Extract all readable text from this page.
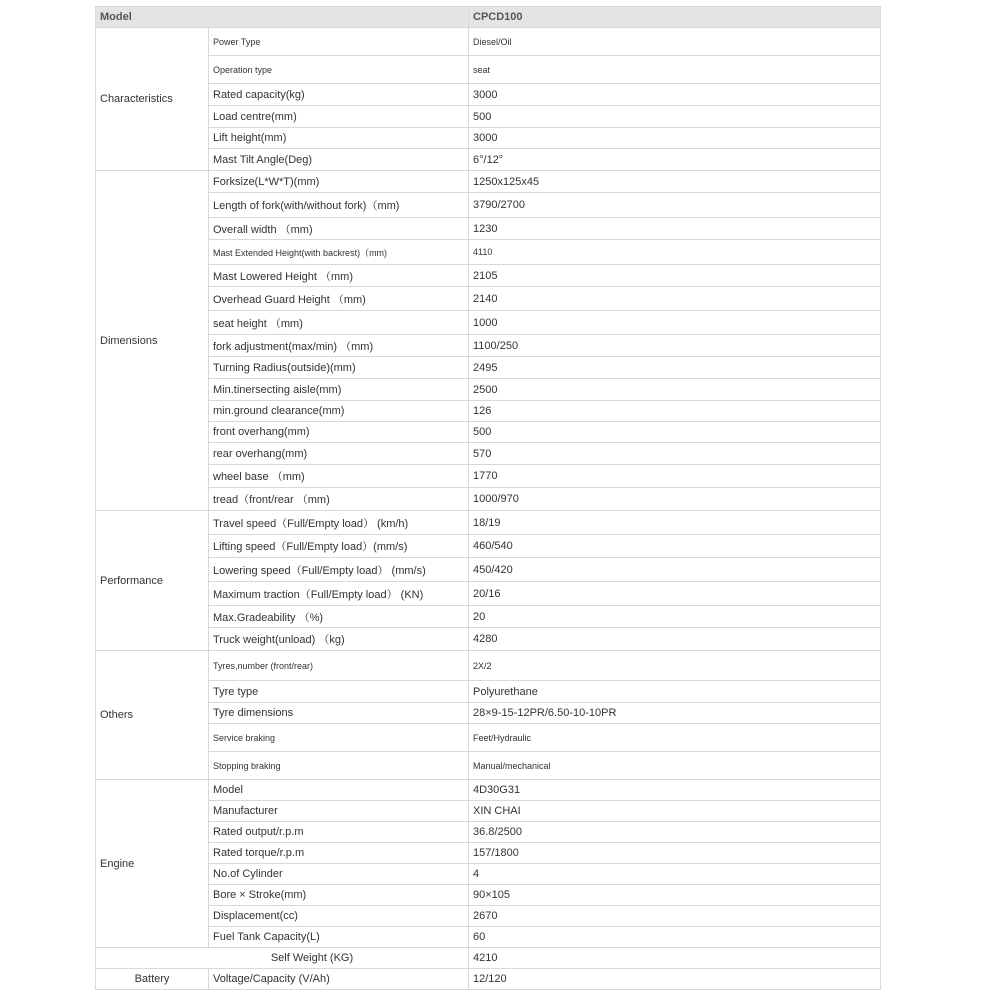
Model		CPCD100
Characteristics	Power Type	Diesel/Oil
	Operation type	seat
	Rated capacity(kg)	3000
	Load centre(mm)	500
	Lift height(mm)	3000
	Mast Tilt Angle(Deg)	6°/12°
Dimensions	Forksize(L*W*T)(mm)	1250x125x45
	Length of fork(with/without fork)（mm)	3790/2700
	Overall width （mm)	1230
	Mast Extended Height(with backrest)（mm)	4110
	Mast Lowered Height （mm)	2105
	Overhead Guard Height （mm)	2140
	seat height （mm)	1000
	fork adjustment(max/min) （mm)	1100/250
	Turning Radius(outside)(mm)	2495
	Min.tinersecting aisle(mm)	2500
	min.ground clearance(mm)	126
	front overhang(mm)	500
	rear overhang(mm)	570
	wheel base （mm)	1770
	tread（front/rear （mm)	1000/970
Performance	Travel speed（Full/Empty load） (km/h)	18/19
	Lifting speed（Full/Empty load）(mm/s)	460/540
	Lowering speed（Full/Empty load） (mm/s)	450/420
	Maximum traction（Full/Empty load） (KN)	20/16
	Max.Gradeability （%)	20
	Truck weight(unload) （kg)	4280
Others	Tyres,number (front/rear)	2X/2
	Tyre type	Polyurethane
	Tyre dimensions	28×9-15-12PR/6.50-10-10PR
	Service braking	Feet/Hydraulic
	Stopping braking	Manual/mechanical
Engine	Model	4D30G31
	Manufacturer	XIN CHAI
	Rated output/r.p.m	36.8/2500
	Rated torque/r.p.m	157/1800
	No.of Cylinder	4
	Bore × Stroke(mm)	90×105
	Displacement(cc)	2670
	Fuel Tank Capacity(L)	60
Self Weight (KG)		4210
Battery	Voltage/Capacity (V/Ah)	12/120
